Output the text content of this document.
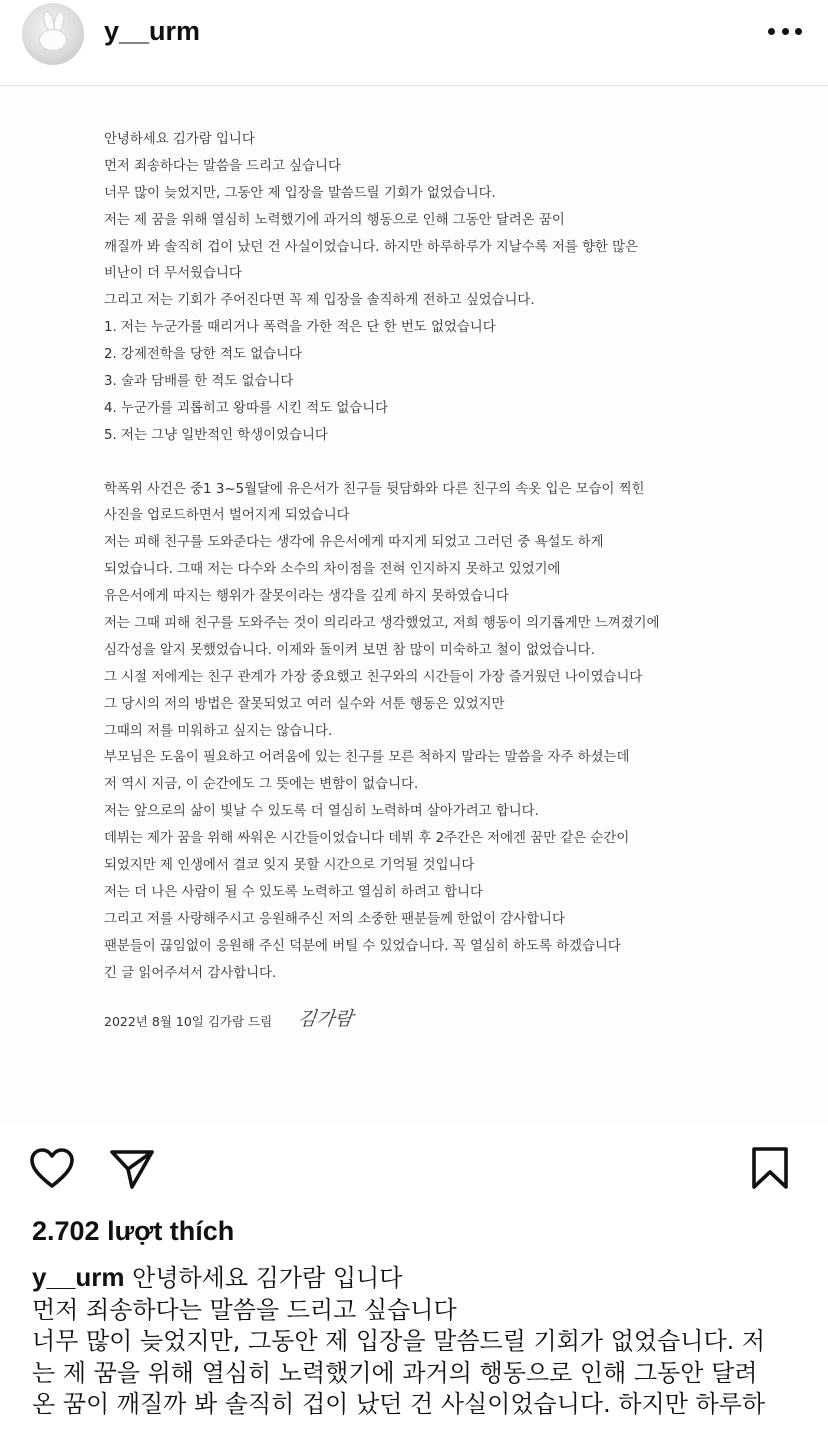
y__urm
안녕하세요 김가람 입니다
먼저 죄송하다는 말씀을 드리고 싶습니다
너무 많이 늦었지만, 그동안 제 입장을 말씀드릴 기회가 없었습니다.
저는 제 꿈을 위해 열심히 노력했기에 과거의 행동으로 인해 그동안 달려온 꿈이
깨질까 봐 솔직히 겁이 났던 건 사실이었습니다. 하지만 하루하루가 지날수록 저를 향한 많은
비난이 더 무서웠습니다
그리고 저는 기회가 주어진다면 꼭 제 입장을 솔직하게 전하고 싶었습니다.
1. 저는 누군가를 때리거나 폭력을 가한 적은 단 한 번도 없었습니다
2. 강제전학을 당한 적도 없습니다
3. 술과 담배를 한 적도 없습니다
4. 누군가를 괴롭히고 왕따를 시킨 적도 없습니다
5. 저는 그냥 일반적인 학생이었습니다
학폭위 사건은 중1 3~5월달에 유은서가 친구들 뒷담화와 다른 친구의 속옷 입은 모습이 찍힌
사진을 업로드하면서 벌어지게 되었습니다
저는 피해 친구를 도와준다는 생각에 유은서에게 따지게 되었고 그러던 중 욕설도 하게
되었습니다. 그때 저는 다수와 소수의 차이점을 전혀 인지하지 못하고 있었기에
유은서에게 따지는 행위가 잘못이라는 생각을 깊게 하지 못하였습니다
저는 그때 피해 친구를 도와주는 것이 의리라고 생각했었고, 저희 행동이 의기롭게만 느껴졌기에
심각성을 알지 못했었습니다. 이제와 돌이켜 보면 참 많이 미숙하고 철이 없었습니다.
그 시절 저에게는 친구 관계가 가장 중요했고 친구와의 시간들이 가장 즐거웠던 나이였습니다
그 당시의 저의 방법은 잘못되었고 여러 실수와 서툰 행동은 있었지만
그때의 저를 미워하고 싶지는 않습니다.
부모님은 도움이 필요하고 어려움에 있는 친구를 모른 척하지 말라는 말씀을 자주 하셨는데
저 역시 지금, 이 순간에도 그 뜻에는 변함이 없습니다.
저는 앞으로의 삶이 빛날 수 있도록 더 열심히 노력하며 살아가려고 합니다.
데뷔는 제가 꿈을 위해 싸워온 시간들이었습니다 데뷔 후 2주간은 저에겐 꿈만 같은 순간이
되었지만 제 인생에서 결코 잊지 못할 시간으로 기억될 것입니다
저는 더 나은 사람이 될 수 있도록 노력하고 열심히 하려고 합니다
그리고 저를 사랑해주시고 응원해주신 저의 소중한 팬분들께 한없이 감사합니다
팬분들이 끊임없이 응원해 주신 덕분에 버틸 수 있었습니다. 꼭 열심히 하도록 하겠습니다
긴 글 읽어주셔서 감사합니다.
2022년 8월 10일 김가람 드림 김가람
2.702 lượt thích
y__urm 안녕하세요 김가람 입니다
먼저 죄송하다는 말씀을 드리고 싶습니다
너무 많이 늦었지만, 그동안 제 입장을 말씀드릴 기회가 없었습니다. 저
는 제 꿈을 위해 열심히 노력했기에 과거의 행동으로 인해 그동안 달려
온 꿈이 깨질까 봐 솔직히 겁이 났던 건 사실이었습니다. 하지만 하루하
